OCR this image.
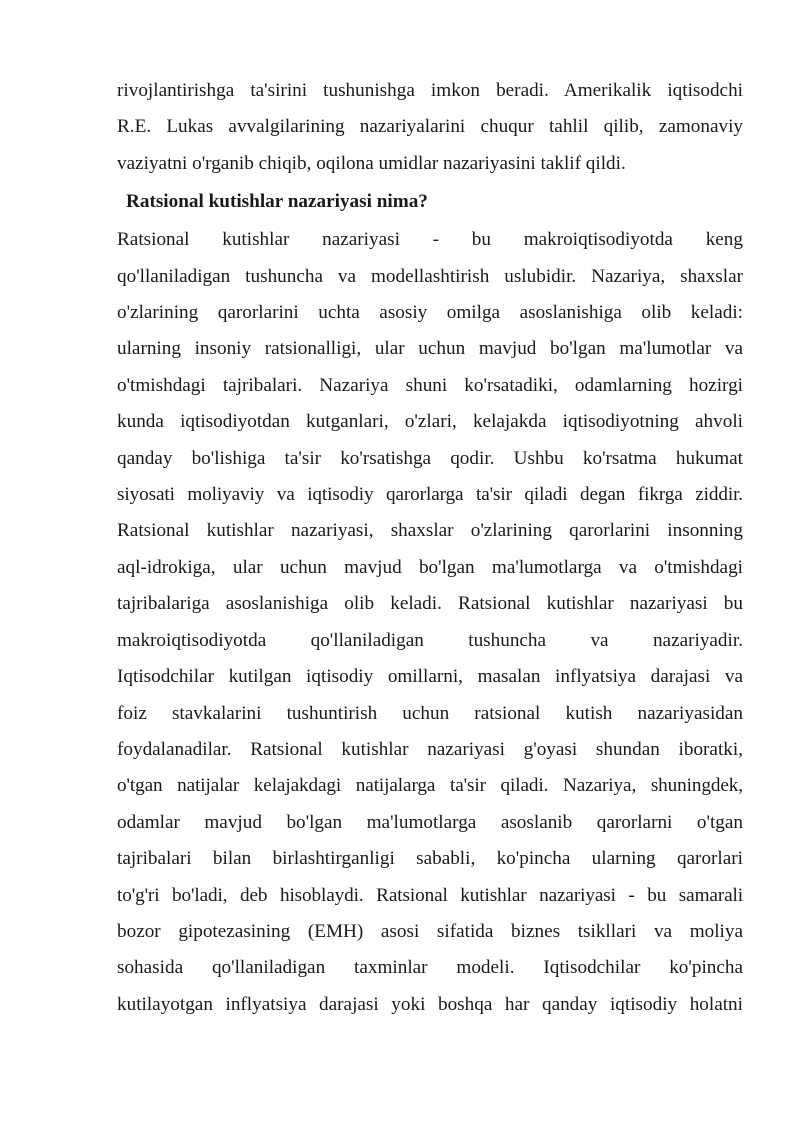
rivojlantirishga ta'sirini tushunishga imkon beradi. Amerikalik iqtisodchi
R.E. Lukas avvalgilarining nazariyalarini chuqur tahlil qilib, zamonaviy
vaziyatni o'rganib chiqib, oqilona umidlar nazariyasini taklif qildi.
Ratsional kutishlar nazariyasi nima?
Ratsional kutishlar nazariyasi - bu makroiqtisodiyotda keng
qo'llaniladigan tushuncha va modellashtirish uslubidir. Nazariya, shaxslar
o'zlarining qarorlarini uchta asosiy omilga asoslanishiga olib keladi:
ularning insoniy ratsionalligi, ular uchun mavjud bo'lgan ma'lumotlar va
o'tmishdagi tajribalari. Nazariya shuni ko'rsatadiki, odamlarning hozirgi
kunda iqtisodiyotdan kutganlari, o'zlari, kelajakda iqtisodiyotning ahvoli
qanday bo'lishiga ta'sir ko'rsatishga qodir. Ushbu ko'rsatma hukumat
siyosati moliyaviy va iqtisodiy qarorlarga ta'sir qiladi degan fikrga ziddir.
Ratsional kutishlar nazariyasi, shaxslar o'zlarining qarorlarini insonning
aql-idrokiga, ular uchun mavjud bo'lgan ma'lumotlarga va o'tmishdagi
tajribalariga asoslanishiga olib keladi. Ratsional kutishlar nazariyasi bu
makroiqtisodiyotda qo'llaniladigan tushuncha va nazariyadir.
Iqtisodchilar kutilgan iqtisodiy omillarni, masalan inflyatsiya darajasi va
foiz stavkalarini tushuntirish uchun ratsional kutish nazariyasidan
foydalanadilar. Ratsional kutishlar nazariyasi g'oyasi shundan iboratki,
o'tgan natijalar kelajakdagi natijalarga ta'sir qiladi. Nazariya, shuningdek,
odamlar mavjud bo'lgan ma'lumotlarga asoslanib qarorlarni o'tgan
tajribalari bilan birlashtirganligi sababli, ko'pincha ularning qarorlari
to'g'ri bo'ladi, deb hisoblaydi. Ratsional kutishlar nazariyasi - bu samarali
bozor gipotezasining (EMH) asosi sifatida biznes tsikllari va moliya
sohasida qo'llaniladigan taxminlar modeli. Iqtisodchilar ko'pincha
kutilayotgan inflyatsiya darajasi yoki boshqa har qanday iqtisodiy holatni
